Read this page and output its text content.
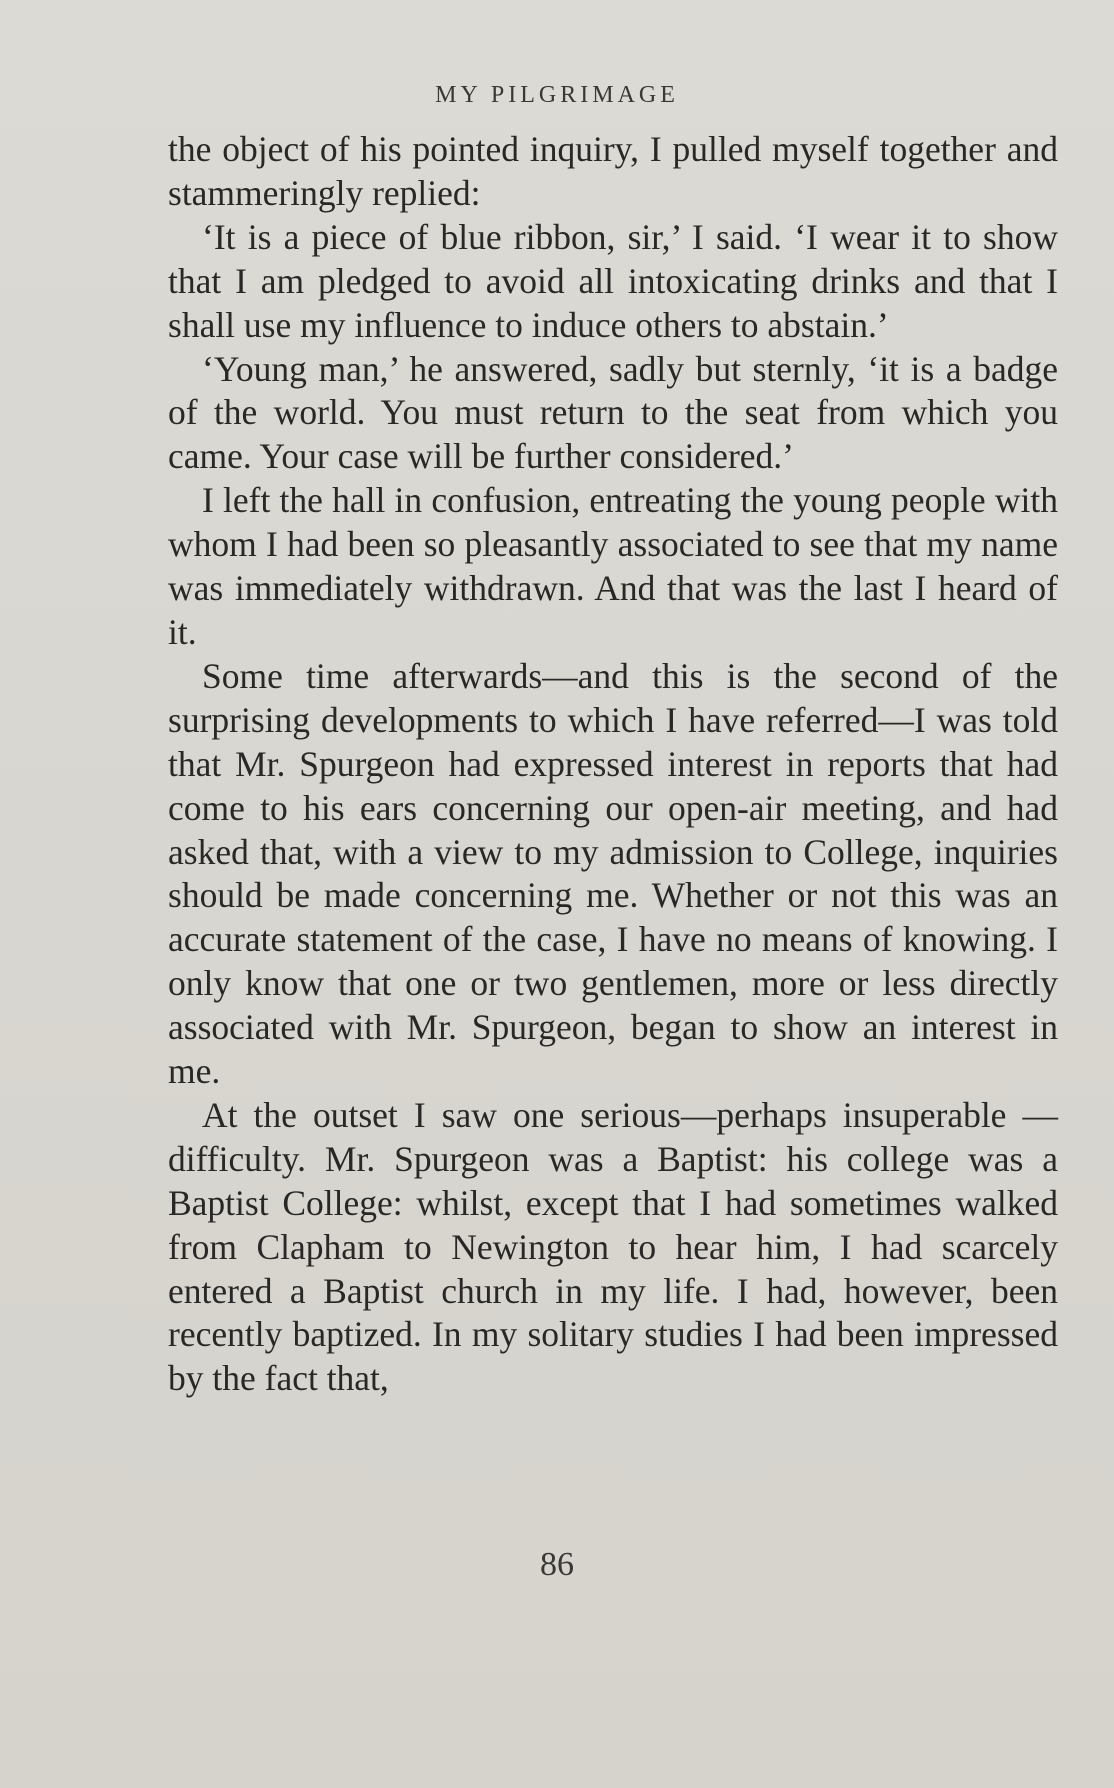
MY PILGRIMAGE

the object of his pointed inquiry, I pulled myself together and stammeringly replied:

‘It is a piece of blue ribbon, sir,’ I said. ‘I wear it to show that I am pledged to avoid all intoxicating drinks and that I shall use my influence to induce others to abstain.’

‘Young man,’ he answered, sadly but sternly, ‘it is a badge of the world. You must return to the seat from which you came. Your case will be further considered.’

I left the hall in confusion, entreating the young people with whom I had been so pleasantly associated to see that my name was immediately withdrawn. And that was the last I heard of it.

Some time afterwards—and this is the second of the surprising developments to which I have referred—I was told that Mr. Spurgeon had expressed interest in reports that had come to his ears concerning our open-air meeting, and had asked that, with a view to my admission to College, inquiries should be made concerning me. Whether or not this was an accurate statement of the case, I have no means of knowing. I only know that one or two gentlemen, more or less directly associated with Mr. Spurgeon, began to show an interest in me.

At the outset I saw one serious—perhaps insuperable —difficulty. Mr. Spurgeon was a Baptist: his college was a Baptist College: whilst, except that I had sometimes walked from Clapham to Newington to hear him, I had scarcely entered a Baptist church in my life. I had, however, been recently baptized. In my solitary studies I had been impressed by the fact that,

86
